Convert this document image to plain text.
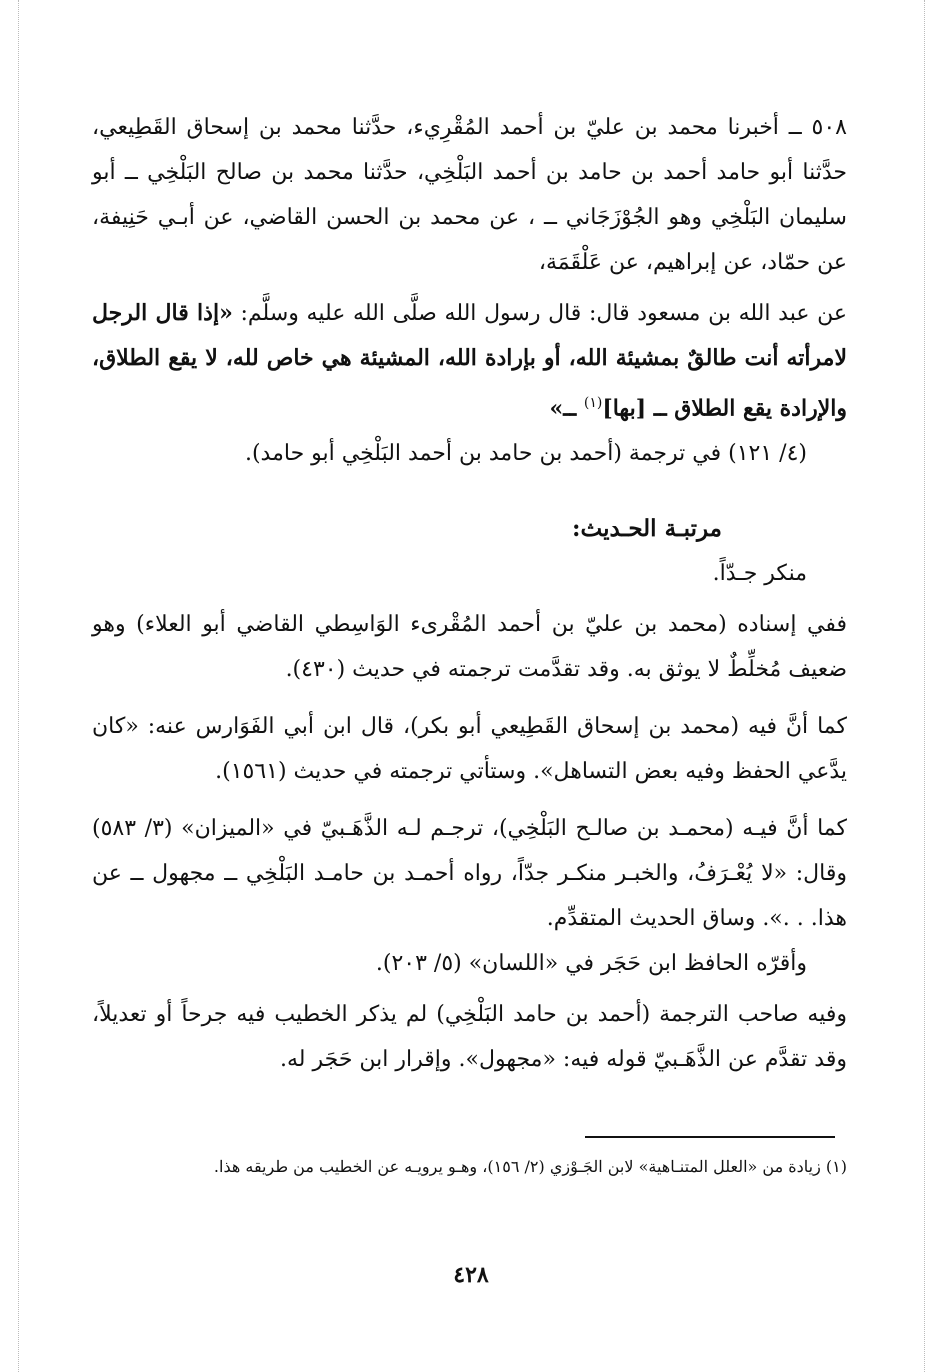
٥٠٨ ــ أخبرنا محمد بن عليّ بن أحمد المُقْرِيء، حدَّثنا محمد بن إسحاق القَطِيعي، حدَّثنا أبو حامد أحمد بن حامد بن أحمد البَلْخِي، حدَّثنا محمد بن صالح البَلْخِي ــ أبو سليمان البَلْخِي وهو الجُوْزَجَاني ــ ، عن محمد بن الحسن القاضي، عن أبـي حَنِيفة، عن حمّاد، عن إبراهيم، عن عَلْقَمَة،

عن عبد الله بن مسعود قال: قال رسول الله صلَّى الله عليه وسلَّم: «إذا قال الرجل لامرأته أنت طالقٌ بمشيئة الله، أو بإرادة الله، المشيئة هي خاص لله، لا يقع الطلاق، والإرادة يقع الطلاق ــ [بها]$^{(١)}$ ــ»

(٤/ ١٢١) في ترجمة (أحمد بن حامد بن أحمد البَلْخِي أبو حامد).

مرتبـة الحـديث:

منكر جـدّاً.

ففي إسناده (محمد بن عليّ بن أحمد المُقْرىء الوَاسِطي القاضي أبو العلاء) وهو ضعيف مُخلِّطٌ لا يوثق به. وقد تقدَّمت ترجمته في حديث (٤٣٠).

كما أنَّ فيه (محمد بن إسحاق القَطِيعي أبو بكر)، قال ابن أبي الفَوَارس عنه: «كان يدَّعي الحفظ وفيه بعض التساهل». وستأتي ترجمته في حديث (١٥٦١).

كما أنَّ فيـه (محمـد بن صالـح البَلْخِي)، ترجـم لـه الذَّهَـبيّ في «الميزان» (٣/ ٥٨٣) وقال: «لا يُعْـرَفُ، والخبـر منكـر جدّاً، رواه أحمـد بن حامـد البَلْخِي ــ مجهول ــ عن هذا. . .». وساق الحديث المتقدِّم.

وأقرّه الحافظ ابن حَجَر في «اللسان» (٥/ ٢٠٣).

وفيه صاحب الترجمة (أحمد بن حامد البَلْخِي) لم يذكر الخطيب فيه جرحاً أو تعديلاً، وقد تقدَّم عن الذَّهَـبيّ قوله فيه: «مجهول». وإقرار ابن حَجَر له.

(١) زيادة من «العلل المتنـاهية» لابن الجَـوْزي (٢/ ١٥٦)، وهـو يرويـه عن الخطيب من طريقه هذا.

٤٢٨
